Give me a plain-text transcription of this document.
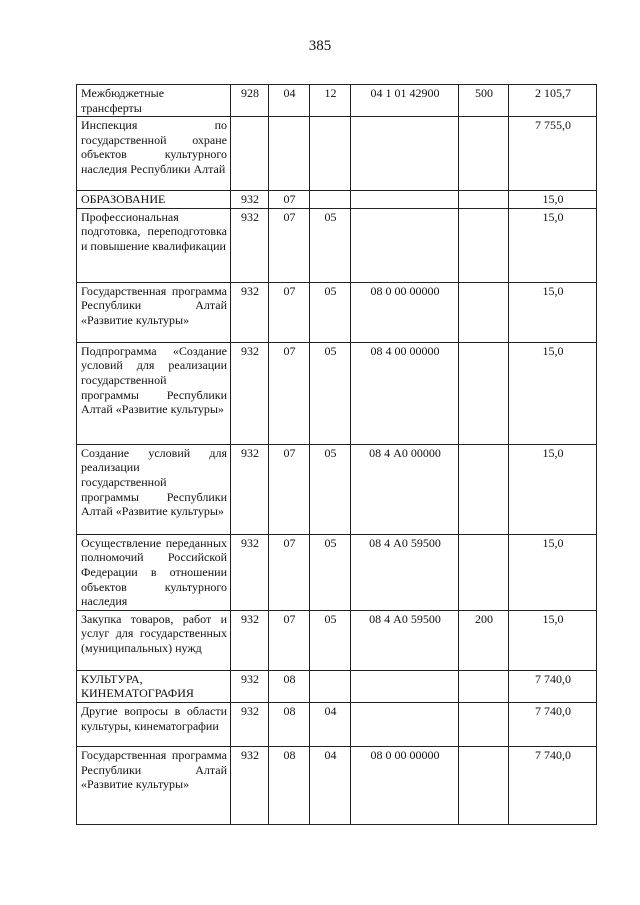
385
Межбюджетные трансферты	928	04	12	04 1 01 42900	500	2 105,7
Инспекция по государственной охране объектов культурного наследия Республики Алтай						7 755,0
ОБРАЗОВАНИЕ	932	07				15,0
Профессиональная подготовка, переподготовка и повышение квалификации	932	07	05			15,0
Государственная программа Республики Алтай «Развитие культуры»	932	07	05	08 0 00 00000		15,0
Подпрограмма «Создание условий для реализации государственной программы Республики Алтай «Развитие культуры»	932	07	05	08 4 00 00000		15,0
Создание условий для реализации государственной программы Республики Алтай «Развитие культуры»	932	07	05	08 4 А0 00000		15,0
Осуществление переданных полномочий Российской Федерации в отношении объектов культурного наследия	932	07	05	08 4 А0 59500		15,0
Закупка товаров, работ и услуг для государственных (муниципальных) нужд	932	07	05	08 4 А0 59500	200	15,0
КУЛЬТУРА, КИНЕМАТОГРАФИЯ	932	08				7 740,0
Другие вопросы в области культуры, кинематографии	932	08	04			7 740,0
Государственная программа Республики Алтай «Развитие культуры»	932	08	04	08 0 00 00000		7 740,0
